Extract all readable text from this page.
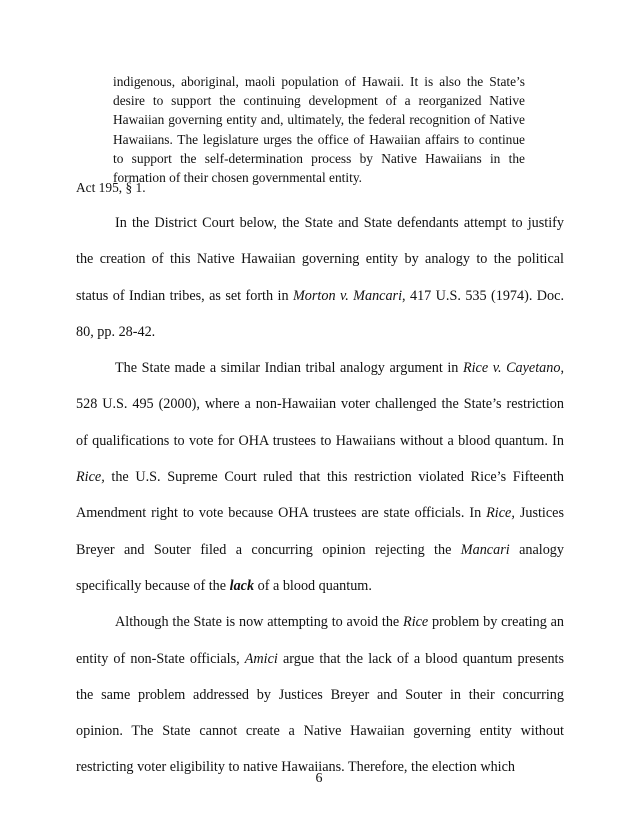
indigenous, aboriginal, maoli population of Hawaii. It is also the State’s desire to support the continuing development of a reorganized Native Hawaiian governing entity and, ultimately, the federal recognition of Native Hawaiians. The legislature urges the office of Hawaiian affairs to continue to support the self-determination process by Native Hawaiians in the formation of their chosen governmental entity.
Act 195, § 1.

In the District Court below, the State and State defendants attempt to justify the creation of this Native Hawaiian governing entity by analogy to the political status of Indian tribes, as set forth in Morton v. Mancari, 417 U.S. 535 (1974). Doc. 80, pp. 28-42.

The State made a similar Indian tribal analogy argument in Rice v. Cayetano, 528 U.S. 495 (2000), where a non-Hawaiian voter challenged the State’s restriction of qualifications to vote for OHA trustees to Hawaiians without a blood quantum. In Rice, the U.S. Supreme Court ruled that this restriction violated Rice’s Fifteenth Amendment right to vote because OHA trustees are state officials. In Rice, Justices Breyer and Souter filed a concurring opinion rejecting the Mancari analogy specifically because of the lack of a blood quantum.

Although the State is now attempting to avoid the Rice problem by creating an entity of non-State officials, Amici argue that the lack of a blood quantum presents the same problem addressed by Justices Breyer and Souter in their concurring opinion. The State cannot create a Native Hawaiian governing entity without restricting voter eligibility to native Hawaiians. Therefore, the election which

6
